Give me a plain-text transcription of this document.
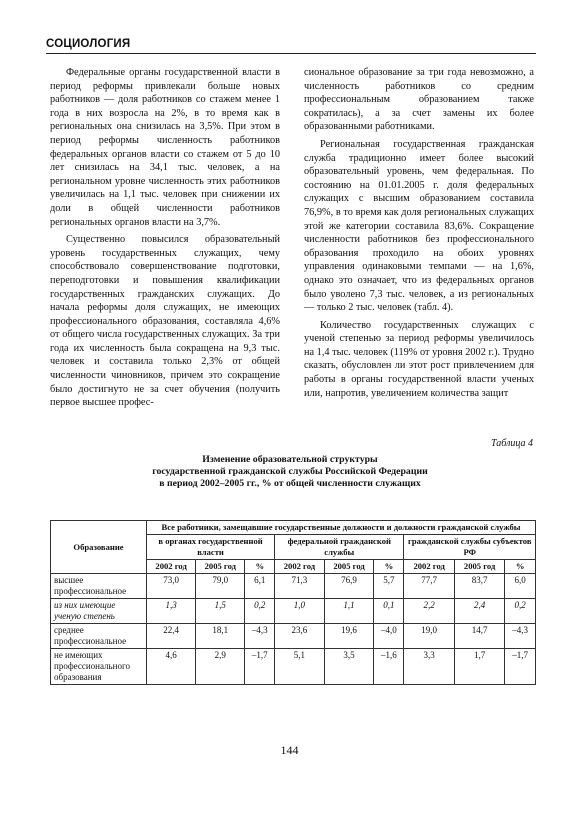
СОЦИОЛОГИЯ

Федеральные органы государственной власти в период реформы привлекали больше новых работников — доля работников со стажем менее 1 года в них возросла на 2%, в то время как в региональных она снизилась на 3,5%. При этом в период реформы численность работников федеральных органов власти со стажем от 5 до 10 лет снизилась на 34,1 тыс. человек, а на региональном уровне численность этих работников увеличилась на 1,1 тыс. человек при снижении их доли в общей численности работников региональных органов власти на 3,7%.

Существенно повысился образовательный уровень государственных служащих, чему способствовало совершенствование подготовки, переподготовки и повышения квалификации государственных гражданских служащих. До начала реформы доля служащих, не имеющих профессионального образования, составляла 4,6% от общего числа государственных служащих. За три года их численность была сокращена на 9,3 тыс. человек и составила только 2,3% от общей численности чиновников, причем это сокращение было достигнуто не за счет обучения (получить первое высшее профес-

сиональное образование за три года невозможно, а численность работников со средним профессиональным образованием также сократилась), а за счет замены их более образованными работниками.

Региональная государственная гражданская служба традиционно имеет более высокий образовательный уровень, чем федеральная. По состоянию на 01.01.2005 г. доля федеральных служащих с высшим образованием составила 76,9%, в то время как доля региональных служащих этой же категории составила 83,6%. Сокращение численности работников без профессионального образования проходило на обоих уровнях управления одинаковыми темпами — на 1,6%, однако это означает, что из федеральных органов было уволено 7,3 тыс. человек, а из региональных — только 2 тыс. человек (табл. 4).

Количество государственных служащих с ученой степенью за период реформы увеличилось на 1,4 тыс. человек (119% от уровня 2002 г.). Трудно сказать, обусловлен ли этот рост привлечением для работы в органы государственной власти ученых или, напротив, увеличением количества защит

Таблица 4
Изменение образовательной структуры
государственной гражданской службы Российской Федерации
в период 2002–2005 гг., % от общей численности служащих
Образование	Все работники, замещавшие государственные должности и должности гражданской службы								
	в органах государственной власти			федеральной гражданской службы			гражданской службы субъектов РФ		
	2002 год	2005 год	%	2002 год	2005 год	%	2002 год	2005 год	%
высшее профессиональное	73,0	79,0	6,1	71,3	76,9	5,7	77,7	83,7	6,0
из них имеющие ученую степень	1,3	1,5	0,2	1,0	1,1	0,1	2,2	2,4	0,2
среднее профессиональное	22,4	18,1	–4,3	23,6	19,6	–4,0	19,0	14,7	–4,3
не имеющих профессионального образования	4,6	2,9	–1,7	5,1	3,5	–1,6	3,3	1,7	–1,7
144
